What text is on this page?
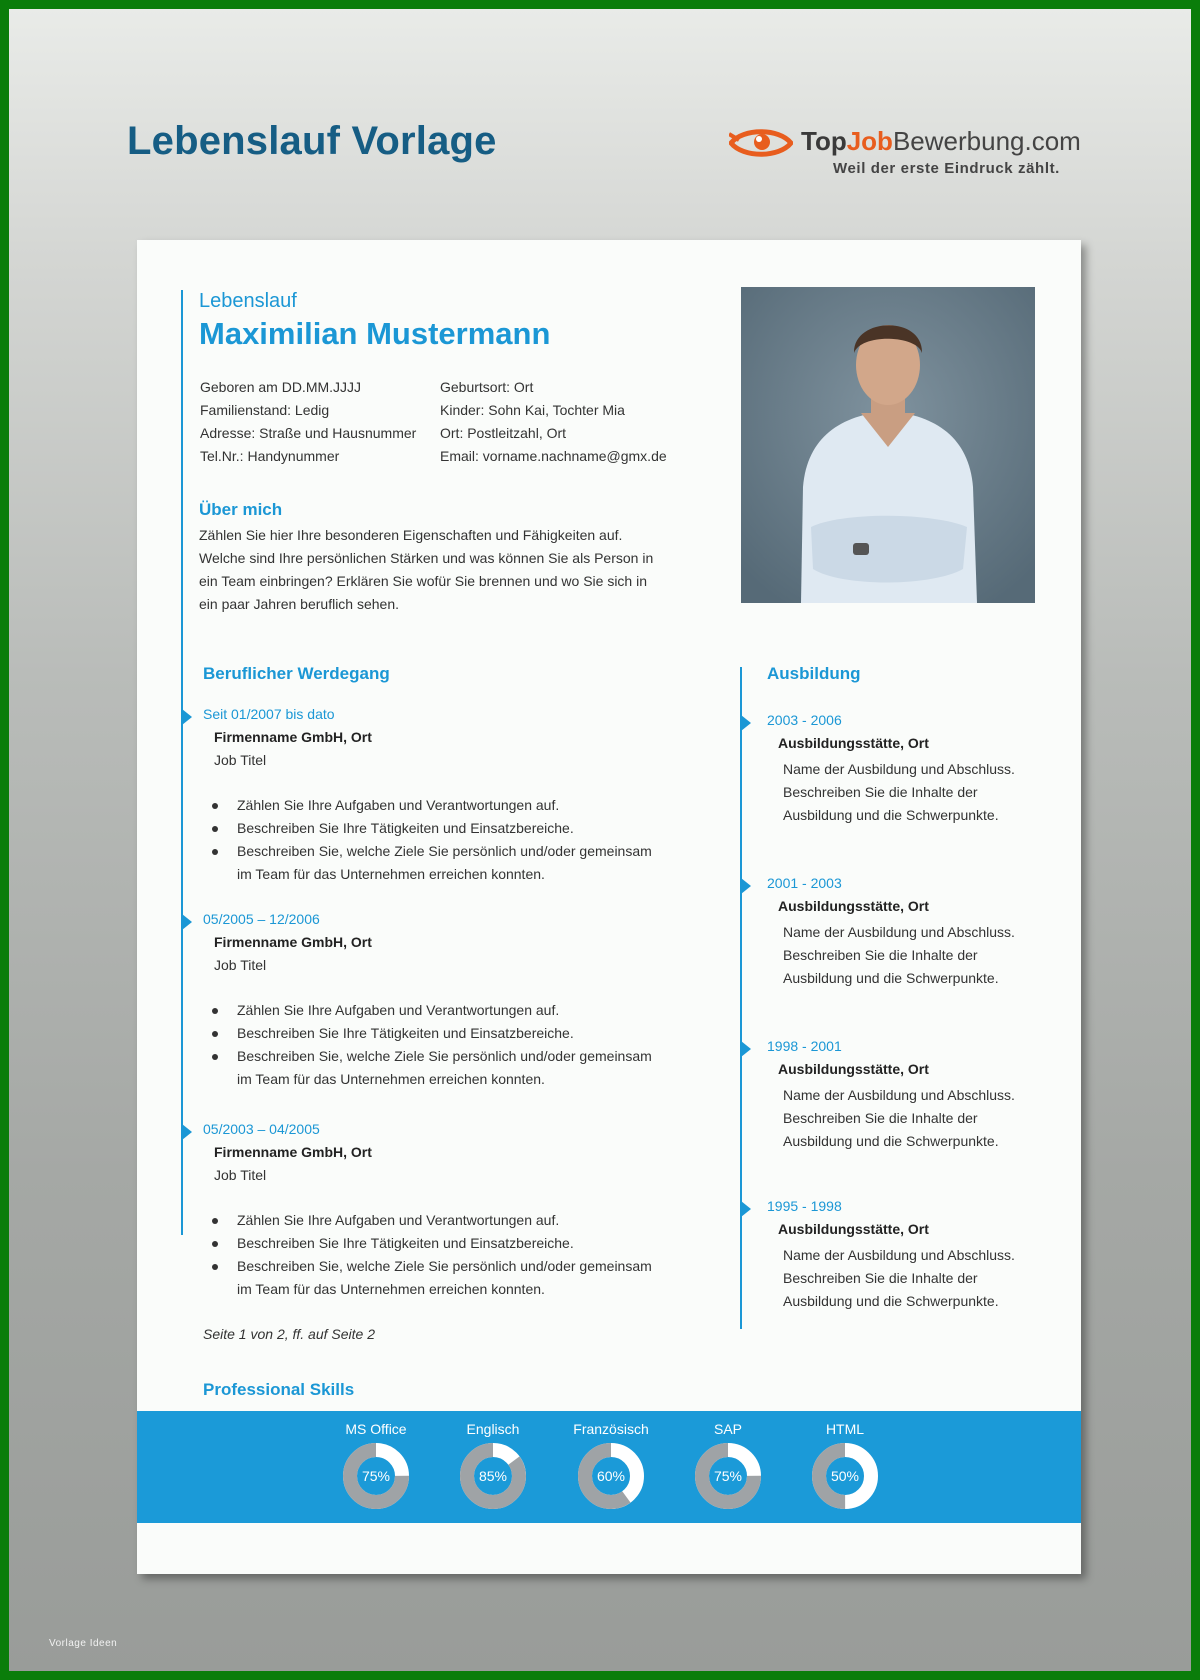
Lebenslauf Vorlage	TopJobBewerbung.com
Weil der erste Eindruck zählt.
Lebenslauf
Maximilian Mustermann
Geboren am DD.MM.JJJJ
Familienstand: Ledig
Adresse: Straße und Hausnummer
Tel.Nr.: Handynummer
Geburtsort: Ort
Kinder: Sohn Kai, Tochter Mia
Ort: Postleitzahl, Ort
Email: vorname.nachname@gmx.de
Über mich
Zählen Sie hier Ihre besonderen Eigenschaften und Fähigkeiten auf.
Welche sind Ihre persönlichen Stärken und was können Sie als Person in
ein Team einbringen? Erklären Sie wofür Sie brennen und wo Sie sich in
ein paar Jahren beruflich sehen.
Beruflicher Werdegang
Seit 01/2007 bis dato
Firmenname GmbH, Ort
Job Titel
Zählen Sie Ihre Aufgaben und Verantwortungen auf.
Beschreiben Sie Ihre Tätigkeiten und Einsatzbereiche.
Beschreiben Sie, welche Ziele Sie persönlich und/oder gemeinsam
im Team für das Unternehmen erreichen konnten.
05/2005 – 12/2006
Firmenname GmbH, Ort
Job Titel
Zählen Sie Ihre Aufgaben und Verantwortungen auf.
Beschreiben Sie Ihre Tätigkeiten und Einsatzbereiche.
Beschreiben Sie, welche Ziele Sie persönlich und/oder gemeinsam
im Team für das Unternehmen erreichen konnten.
05/2003 – 04/2005
Firmenname GmbH, Ort
Job Titel
Zählen Sie Ihre Aufgaben und Verantwortungen auf.
Beschreiben Sie Ihre Tätigkeiten und Einsatzbereiche.
Beschreiben Sie, welche Ziele Sie persönlich und/oder gemeinsam
im Team für das Unternehmen erreichen konnten.
Ausbildung
2003 - 2006
Ausbildungsstätte, Ort
Name der Ausbildung und Abschluss.
Beschreiben Sie die Inhalte der
Ausbildung und die Schwerpunkte.
2001 - 2003
Ausbildungsstätte, Ort
Name der Ausbildung und Abschluss.
Beschreiben Sie die Inhalte der
Ausbildung und die Schwerpunkte.
1998 - 2001
Ausbildungsstätte, Ort
Name der Ausbildung und Abschluss.
Beschreiben Sie die Inhalte der
Ausbildung und die Schwerpunkte.
1995 - 1998
Ausbildungsstätte, Ort
Name der Ausbildung und Abschluss.
Beschreiben Sie die Inhalte der
Ausbildung und die Schwerpunkte.
Seite 1 von 2, ff. auf Seite 2
Professional Skills
MS Office
75%
Englisch
85%
Französisch
60%
SAP
75%
HTML
50%
Vorlage Ideen
